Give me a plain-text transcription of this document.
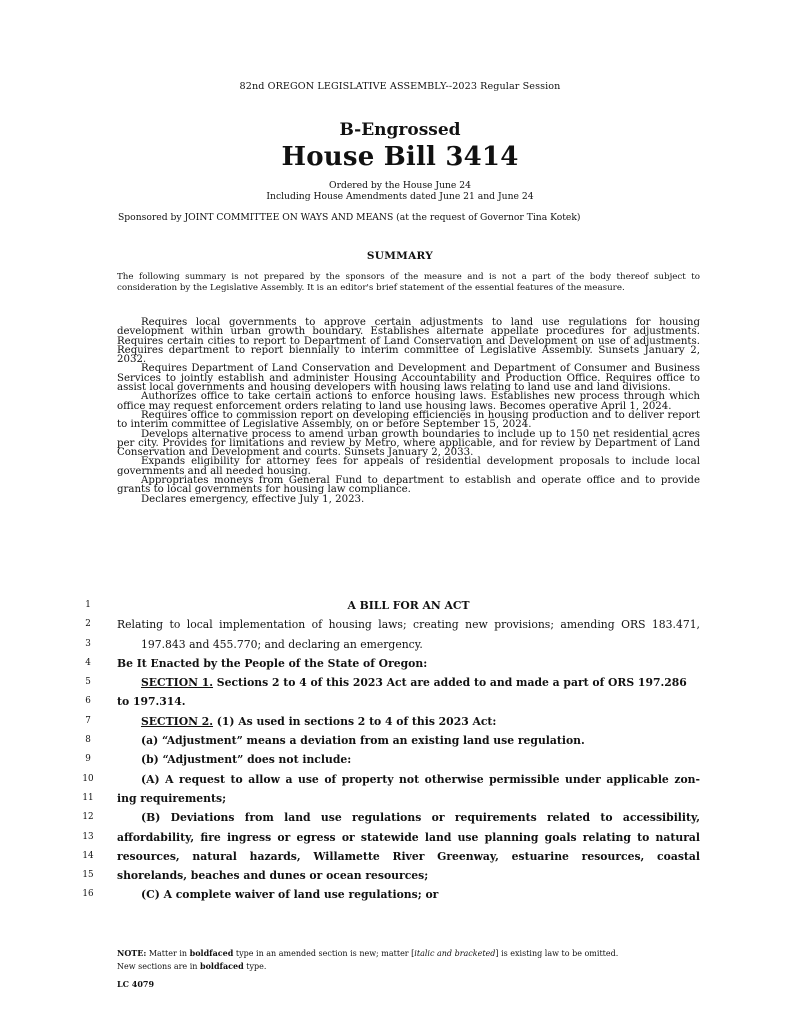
82nd OREGON LEGISLATIVE ASSEMBLY--2023 Regular Session
B-Engrossed
House Bill 3414
Ordered by the House June 24
Including House Amendments dated June 21 and June 24
Sponsored by JOINT COMMITTEE ON WAYS AND MEANS (at the request of Governor Tina Kotek)
SUMMARY
The following summary is not prepared by the sponsors of the measure and is not a part of the body thereof subject to consideration by the Legislative Assembly. It is an editor's brief statement of the essential features of the measure.

Requires local governments to approve certain adjustments to land use regulations for housing development within urban growth boundary. Establishes alternate appellate procedures for adjustments. Requires certain cities to report to Department of Land Conservation and Development on use of adjustments. Requires department to report biennially to interim committee of Legislative Assembly. Sunsets January 2, 2032.

Requires Department of Land Conservation and Development and Department of Consumer and Business Services to jointly establish and administer Housing Accountability and Production Office. Requires office to assist local governments and housing developers with housing laws relating to land use and land divisions.

Authorizes office to take certain actions to enforce housing laws. Establishes new process through which office may request enforcement orders relating to land use housing laws. Becomes operative April 1, 2024.

Requires office to commission report on developing efficiencies in housing production and to deliver report to interim committee of Legislative Assembly, on or before September 15, 2024.

Develops alternative process to amend urban growth boundaries to include up to 150 net residential acres per city. Provides for limitations and review by Metro, where applicable, and for review by Department of Land Conservation and Development and courts. Sunsets January 2, 2033.

Expands eligibility for attorney fees for appeals of residential development proposals to include local governments and all needed housing.

Appropriates moneys from General Fund to department to establish and operate office and to provide grants to local governments for housing law compliance.

Declares emergency, effective July 1, 2023.

1	A BILL FOR AN ACT
2	Relating to local implementation of housing laws; creating new provisions; amending ORS 183.471,
3	197.843 and 455.770; and declaring an emergency.
4	Be It Enacted by the People of the State of Oregon:
5	SECTION 1. Sections 2 to 4 of this 2023 Act are added to and made a part of ORS 197.286
6	to 197.314.
7	SECTION 2. (1) As used in sections 2 to 4 of this 2023 Act:
8	(a) “Adjustment” means a deviation from an existing land use regulation.
9	(b) “Adjustment” does not include:
10	(A) A request to allow a use of property not otherwise permissible under applicable zon-
11 ing requirements;
12	(B) Deviations from land use regulations or requirements related to accessibility,
13 affordability, fire ingress or egress or statewide land use planning goals relating to natural
14 resources, natural hazards, Willamette River Greenway, estuarine resources, coastal
15 shorelands, beaches and dunes or ocean resources;
16	(C) A complete waiver of land use regulations; or
NOTE: Matter in boldfaced type in an amended section is new; matter [italic and bracketed] is existing law to be omitted.
New sections are in boldfaced type.
LC 4079
